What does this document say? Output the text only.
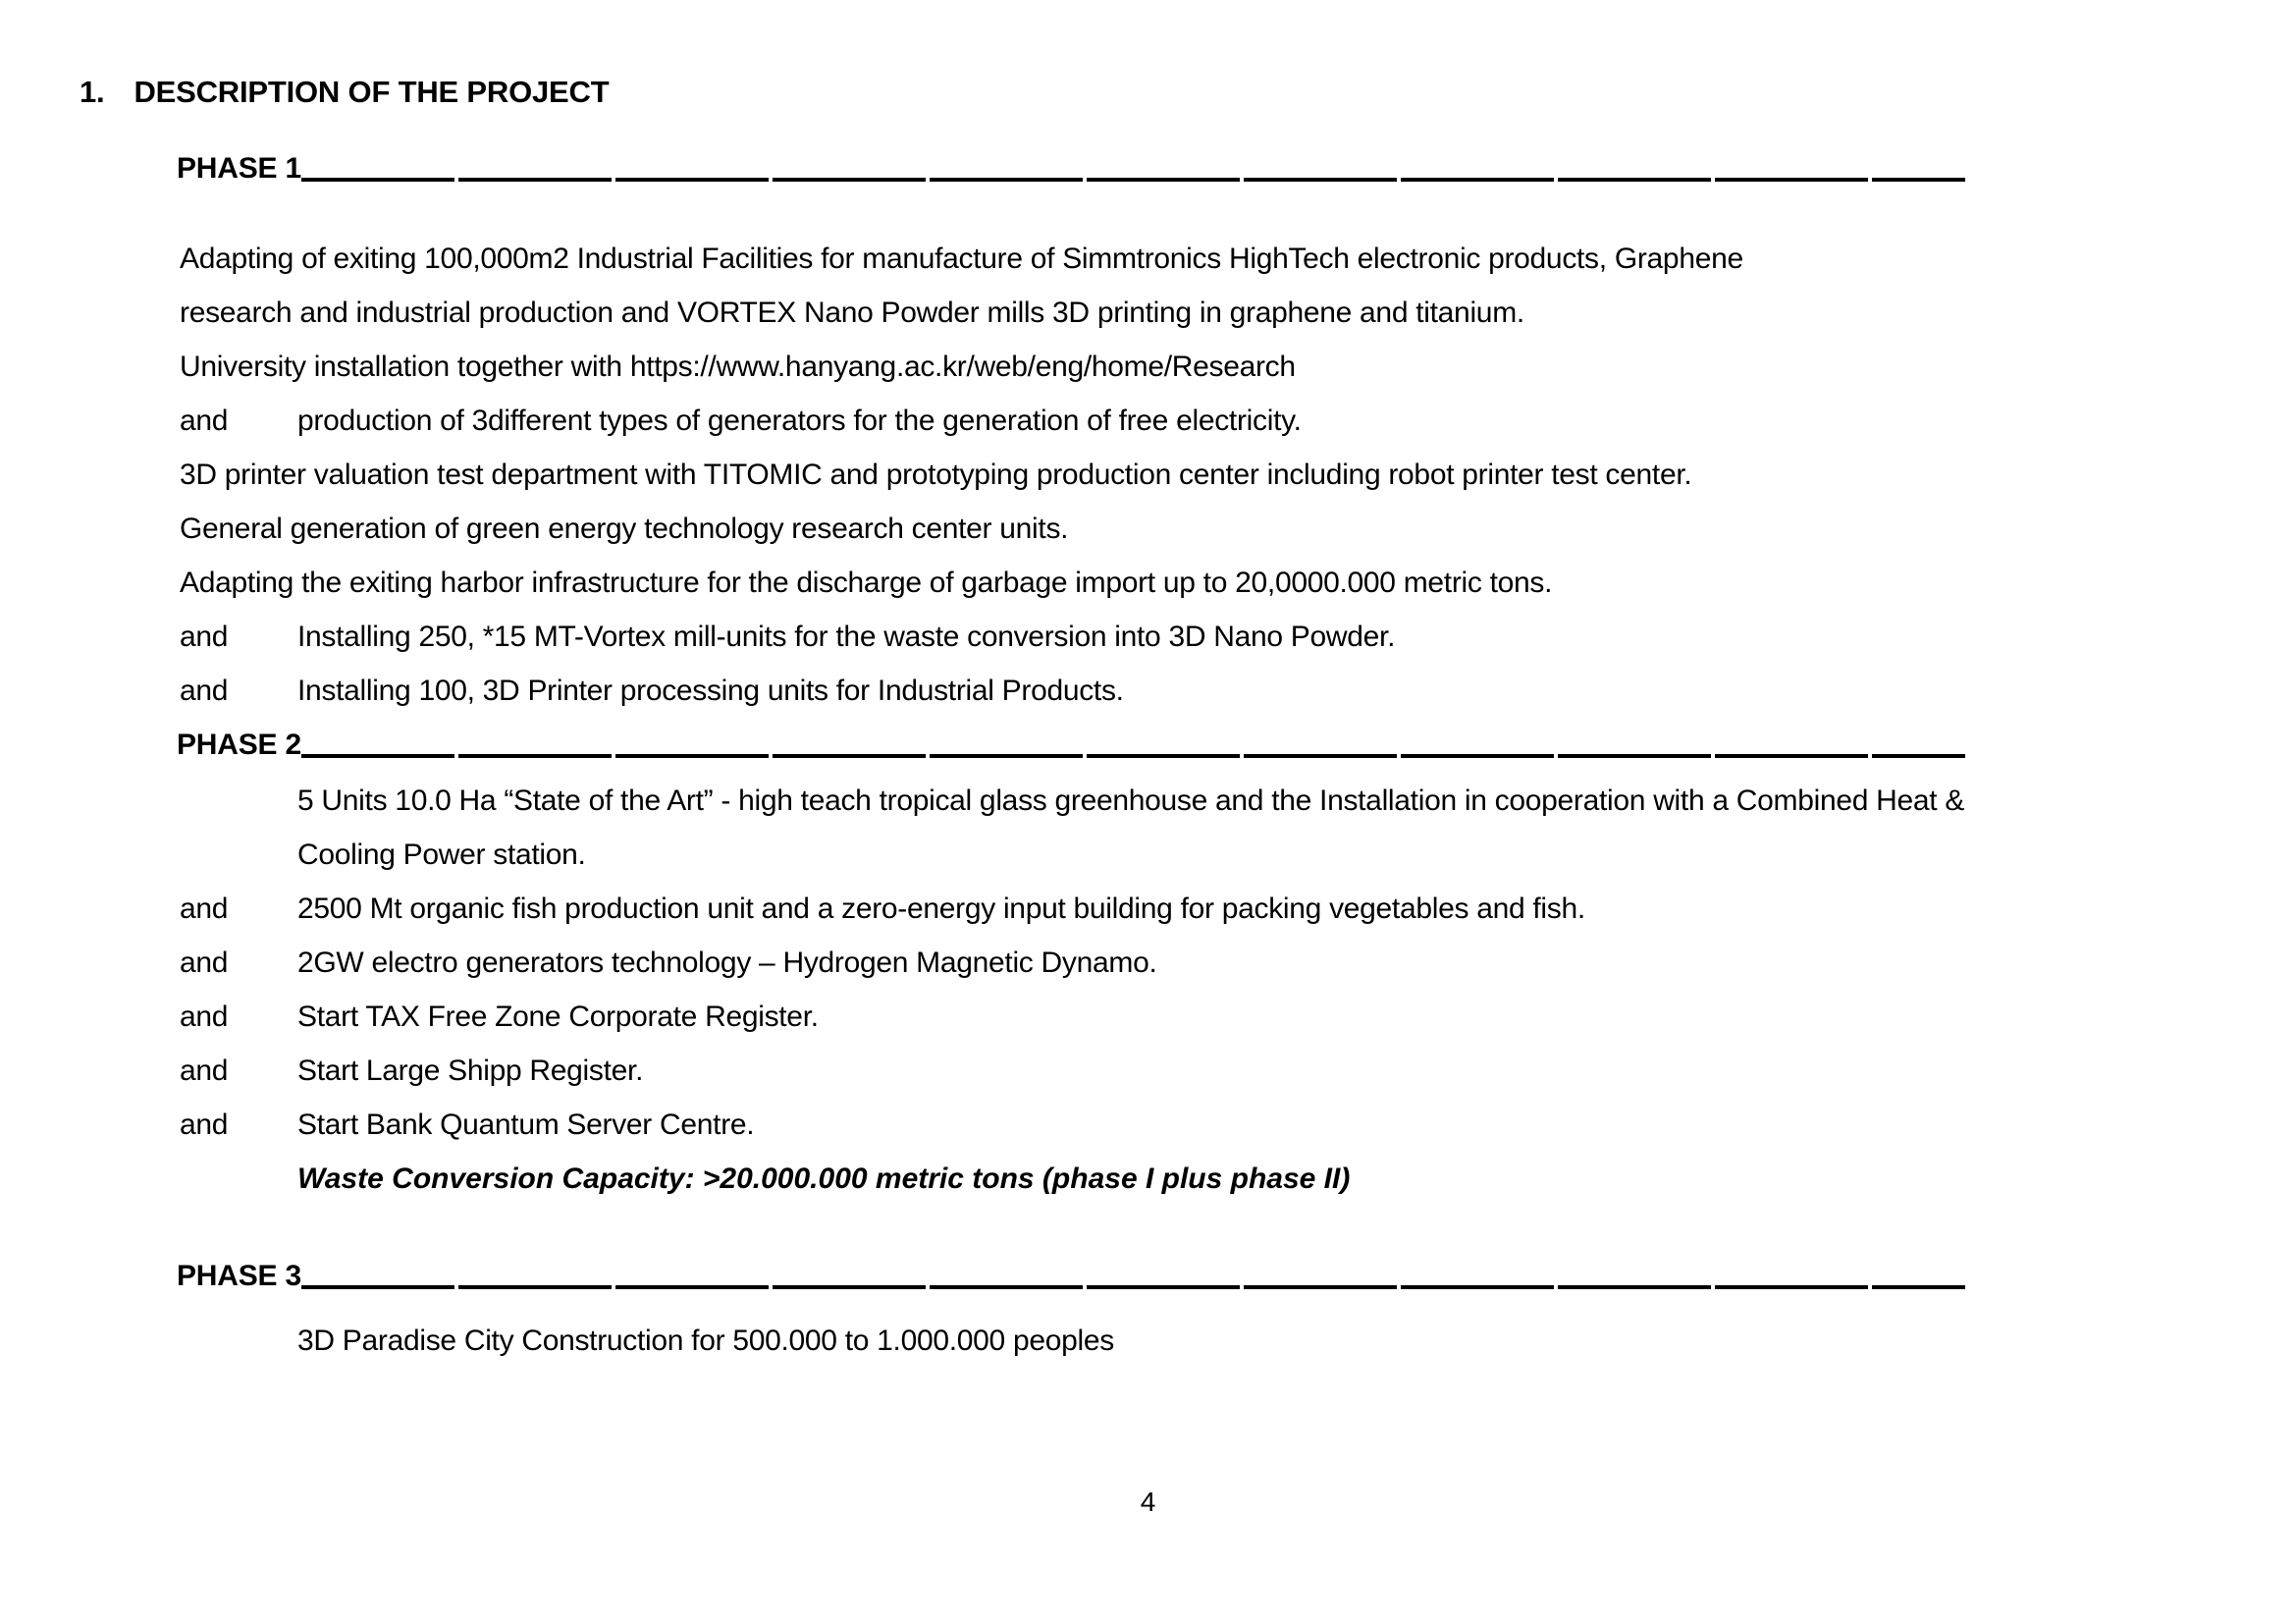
1. DESCRIPTION OF THE PROJECT
PHASE 1
Adapting of exiting 100,000m2 Industrial Facilities for manufacture of Simmtronics HighTech electronic products, Graphene
research and industrial production and VORTEX Nano Powder mills 3D printing in graphene and titanium.
University installation together with https://www.hanyang.ac.kr/web/eng/home/Research
and	production of 3different types of generators for the generation of free electricity.
3D printer valuation test department with TITOMIC and prototyping production center including robot printer test center.
General generation of green energy technology research center units.
Adapting the exiting harbor infrastructure for the discharge of garbage import up to 20,0000.000 metric tons.
and	Installing 250, *15 MT-Vortex mill-units for the waste conversion into 3D Nano Powder.
and	Installing 100, 3D Printer processing units for Industrial Products.
PHASE 2
5 Units 10.0 Ha “State of the Art” - high teach tropical glass greenhouse and the Installation in cooperation with a Combined Heat &
Cooling Power station.
and	2500 Mt organic fish production unit and a zero-energy input building for packing vegetables and fish.
and	2GW electro generators technology – Hydrogen Magnetic Dynamo.
and	Start TAX Free Zone Corporate Register.
and	Start Large Shipp Register.
and	Start Bank Quantum Server Centre.
Waste Conversion Capacity: >20.000.000 metric tons (phase I plus phase II)
PHASE 3
3D Paradise City Construction for 500.000 to 1.000.000 peoples
4
